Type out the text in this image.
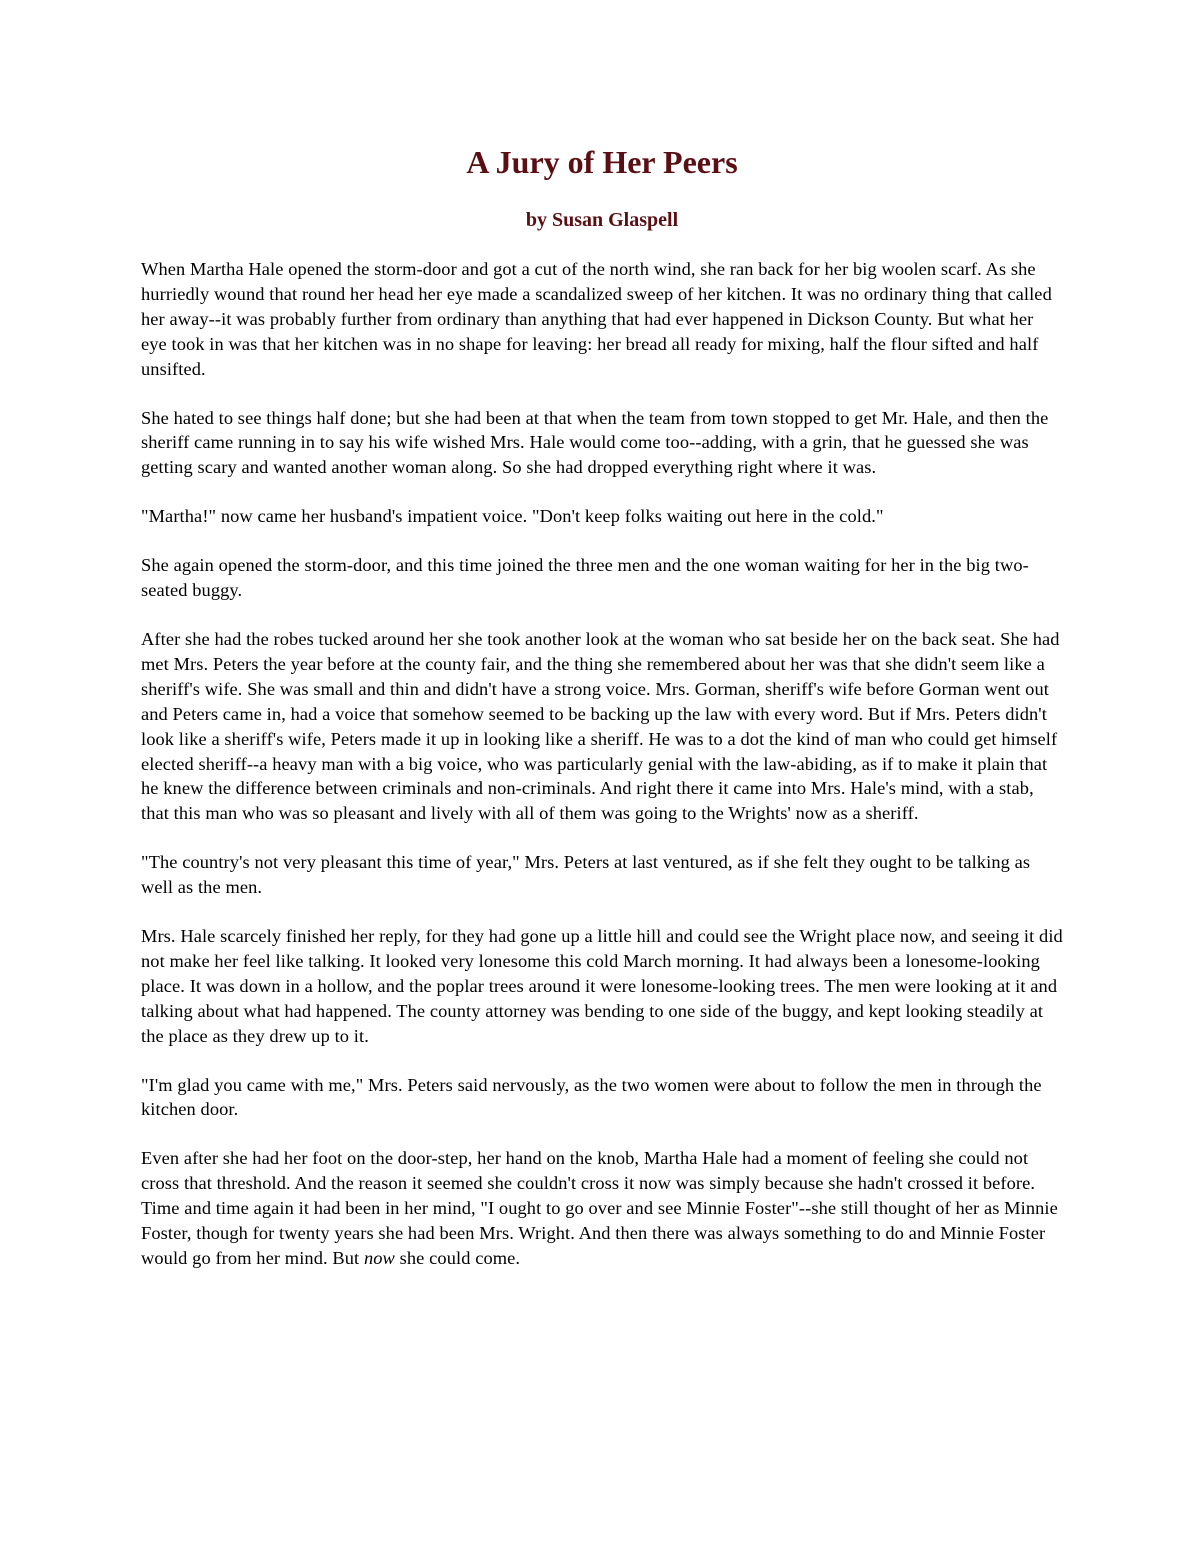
A Jury of Her Peers

by Susan Glaspell

When Martha Hale opened the storm-door and got a cut of the north wind, she ran back for her big woolen scarf. As she hurriedly wound that round her head her eye made a scandalized sweep of her kitchen. It was no ordinary thing that called her away--it was probably further from ordinary than anything that had ever happened in Dickson County. But what her eye took in was that her kitchen was in no shape for leaving: her bread all ready for mixing, half the flour sifted and half unsifted.

She hated to see things half done; but she had been at that when the team from town stopped to get Mr. Hale, and then the sheriff came running in to say his wife wished Mrs. Hale would come too--adding, with a grin, that he guessed she was getting scary and wanted another woman along. So she had dropped everything right where it was.

"Martha!" now came her husband's impatient voice. "Don't keep folks waiting out here in the cold."

She again opened the storm-door, and this time joined the three men and the one woman waiting for her in the big two-seated buggy.

After she had the robes tucked around her she took another look at the woman who sat beside her on the back seat. She had met Mrs. Peters the year before at the county fair, and the thing she remembered about her was that she didn't seem like a sheriff's wife. She was small and thin and didn't have a strong voice. Mrs. Gorman, sheriff's wife before Gorman went out and Peters came in, had a voice that somehow seemed to be backing up the law with every word. But if Mrs. Peters didn't look like a sheriff's wife, Peters made it up in looking like a sheriff. He was to a dot the kind of man who could get himself elected sheriff--a heavy man with a big voice, who was particularly genial with the law-abiding, as if to make it plain that he knew the difference between criminals and non-criminals. And right there it came into Mrs. Hale's mind, with a stab, that this man who was so pleasant and lively with all of them was going to the Wrights' now as a sheriff.

"The country's not very pleasant this time of year," Mrs. Peters at last ventured, as if she felt they ought to be talking as well as the men.

Mrs. Hale scarcely finished her reply, for they had gone up a little hill and could see the Wright place now, and seeing it did not make her feel like talking. It looked very lonesome this cold March morning. It had always been a lonesome-looking place. It was down in a hollow, and the poplar trees around it were lonesome-looking trees. The men were looking at it and talking about what had happened. The county attorney was bending to one side of the buggy, and kept looking steadily at the place as they drew up to it.

"I'm glad you came with me," Mrs. Peters said nervously, as the two women were about to follow the men in through the kitchen door.

Even after she had her foot on the door-step, her hand on the knob, Martha Hale had a moment of feeling she could not cross that threshold. And the reason it seemed she couldn't cross it now was simply because she hadn't crossed it before. Time and time again it had been in her mind, "I ought to go over and see Minnie Foster"--she still thought of her as Minnie Foster, though for twenty years she had been Mrs. Wright. And then there was always something to do and Minnie Foster would go from her mind. But now she could come.
